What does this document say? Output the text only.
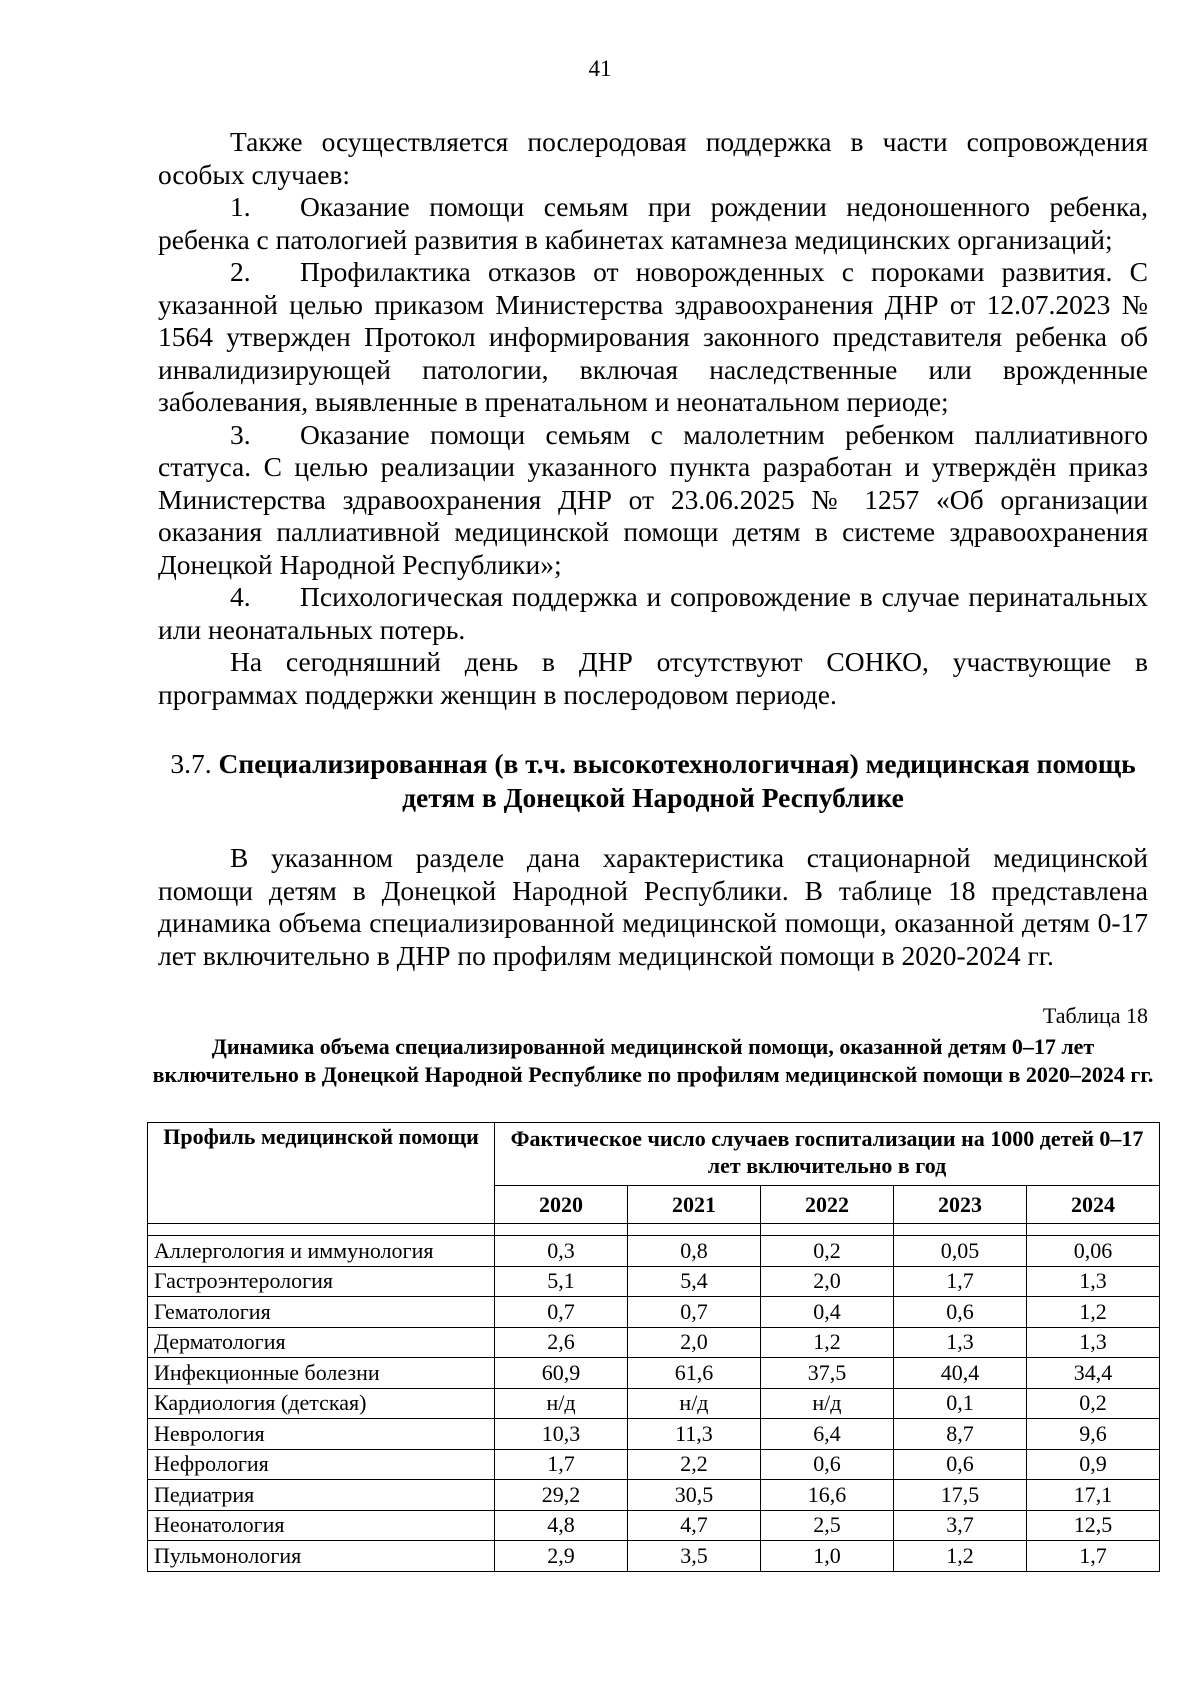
41

Также осуществляется послеродовая поддержка в части сопровождения особых случаев:

1. Оказание помощи семьям при рождении недоношенного ребенка, ребенка с патологией развития в кабинетах катамнеза медицинских организаций;

2. Профилактика отказов от новорожденных с пороками развития. С указанной целью приказом Министерства здравоохранения ДНР от 12.07.2023 № 1564 утвержден Протокол информирования законного представителя ребенка об инвалидизирующей патологии, включая наследственные или врожденные заболевания, выявленные в пренатальном и неонатальном периоде;

3. Оказание помощи семьям с малолетним ребенком паллиативного статуса. С целью реализации указанного пункта разработан и утверждён приказ Министерства здравоохранения ДНР от 23.06.2025 № 1257 «Об организации оказания паллиативной медицинской помощи детям в системе здравоохранения Донецкой Народной Республики»;

4. Психологическая поддержка и сопровождение в случае перинатальных или неонатальных потерь.

На сегодняшний день в ДНР отсутствуют СОНКО, участвующие в программах поддержки женщин в послеродовом периоде.

3.7. Специализированная (в т.ч. высокотехнологичная) медицинская помощь детям в Донецкой Народной Республике

В указанном разделе дана характеристика стационарной медицинской помощи детям в Донецкой Народной Республики. В таблице 18 представлена динамика объема специализированной медицинской помощи, оказанной детям 0-17 лет включительно в ДНР по профилям медицинской помощи в 2020-2024 гг.

Таблица 18
Динамика объема специализированной медицинской помощи, оказанной детям 0–17 лет включительно в Донецкой Народной Республике по профилям медицинской помощи в 2020–2024 гг.
Профиль медицинской помощи	Фактическое число случаев госпитализации на 1000 детей 0–17 лет включительно в год				
	2020	2021	2022	2023	2024

Аллергология и иммунология	0,3	0,8	0,2	0,05	0,06
Гастроэнтерология	5,1	5,4	2,0	1,7	1,3
Гематология	0,7	0,7	0,4	0,6	1,2
Дерматология	2,6	2,0	1,2	1,3	1,3
Инфекционные болезни	60,9	61,6	37,5	40,4	34,4
Кардиология (детская)	н/д	н/д	н/д	0,1	0,2
Неврология	10,3	11,3	6,4	8,7	9,6
Нефрология	1,7	2,2	0,6	0,6	0,9
Педиатрия	29,2	30,5	16,6	17,5	17,1
Неонатология	4,8	4,7	2,5	3,7	12,5
Пульмонология	2,9	3,5	1,0	1,2	1,7
